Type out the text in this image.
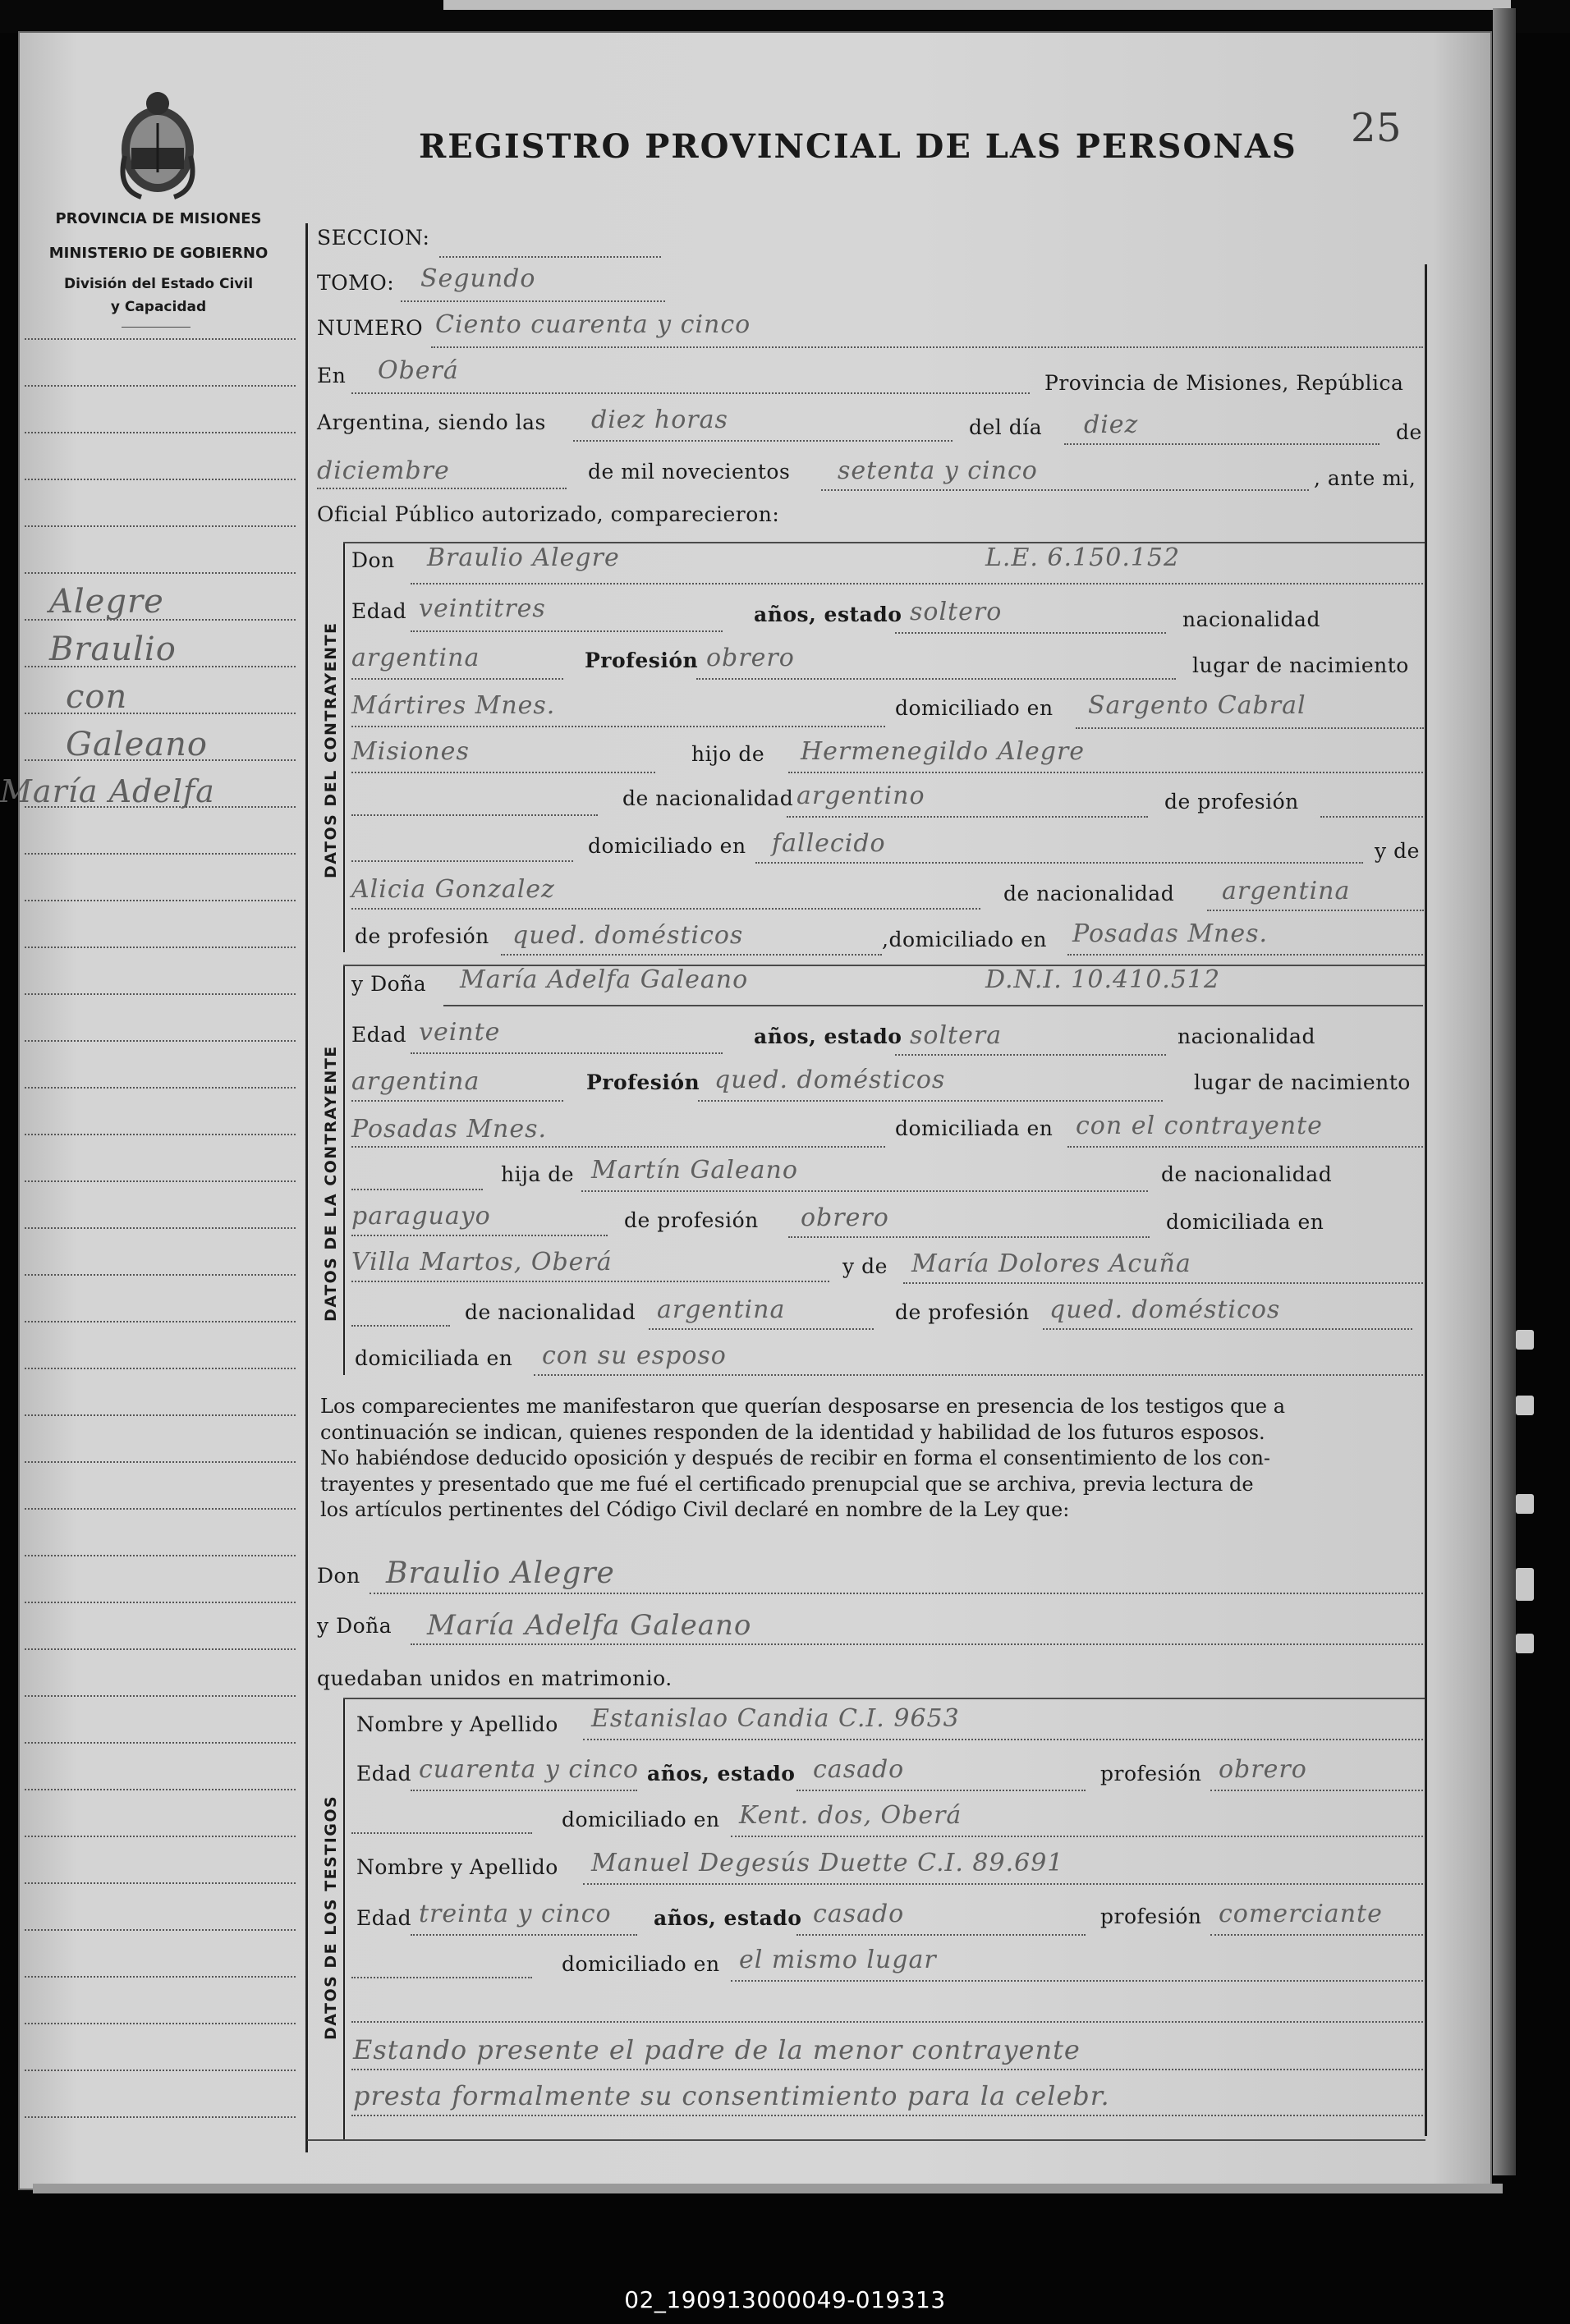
REGISTRO PROVINCIAL DE LAS PERSONAS 25
PROVINCIA DE MISIONES
MINISTERIO DE GOBIERNO
División del Estado Civil
y Capacidad
Alegre
Braulio
con
Galeano
María Adelfa	DATOS DEL CONTRAYENTE
DATOS DE LA CONTRAYENTE
DATOS DE LOS TESTIGOS
SECCION:
TOMO: Segundo
NUMERO Ciento cuarenta y cinco
En Oberá	Provincia de Misiones, República
Argentina, siendo las diez horas	del día diez	de
diciembre	de mil novecientos setenta y cinco	, ante mi,
Oficial Público autorizado, comparecieron:
Don Braulio Alegre	L.E. 6.150.152
Edad veintitres	años, estado soltero	nacionalidad
argentina	Profesión obrero	lugar de nacimiento
Mártires Mnes.	domiciliado en Sargento Cabral
Misiones	hijo de Hermenegildo Alegre
de nacionalidad argentino	de profesión
domiciliado en fallecido	y de
Alicia Gonzalez	de nacionalidad argentina
de profesión qued. domésticos	,domiciliado en Posadas Mnes.
y Doña María Adelfa Galeano	D.N.I. 10.410.512
Edad veinte	años, estado soltera	nacionalidad
argentina	Profesión qued. domésticos	lugar de nacimiento
Posadas Mnes.	domiciliada en con el contrayente
hija de Martín Galeano	de nacionalidad
paraguayo	de profesión obrero	domiciliada en
Villa Martos, Oberá	y de María Dolores Acuña
de nacionalidad argentina	de profesión qued. domésticos
domiciliada en con su esposo
Los comparecientes me manifestaron que querían desposarse en presencia de los testigos que a
continuación se indican, quienes responden de la identidad y habilidad de los futuros esposos.
No habiéndose deducido oposición y después de recibir en forma el consentimiento de los con-
trayentes y presentado que me fué el certificado prenupcial que se archiva, previa lectura de
los artículos pertinentes del Código Civil declaré en nombre de la Ley que:
Don Braulio Alegre
y Doña María Adelfa Galeano
quedaban unidos en matrimonio.
Nombre y Apellido Estanislao Candia C.I. 9653
Edad cuarenta y cinco años, estado casado	profesión obrero
domiciliado en Kent. dos, Oberá
Nombre y Apellido Manuel Degesús Duette C.I. 89.691
Edad treinta y cinco años, estado casado	profesión comerciante
domiciliado en el mismo lugar
Estando presente el padre de la menor contrayente
presta formalmente su consentimiento para la celebr.
02_190913000049-019313
